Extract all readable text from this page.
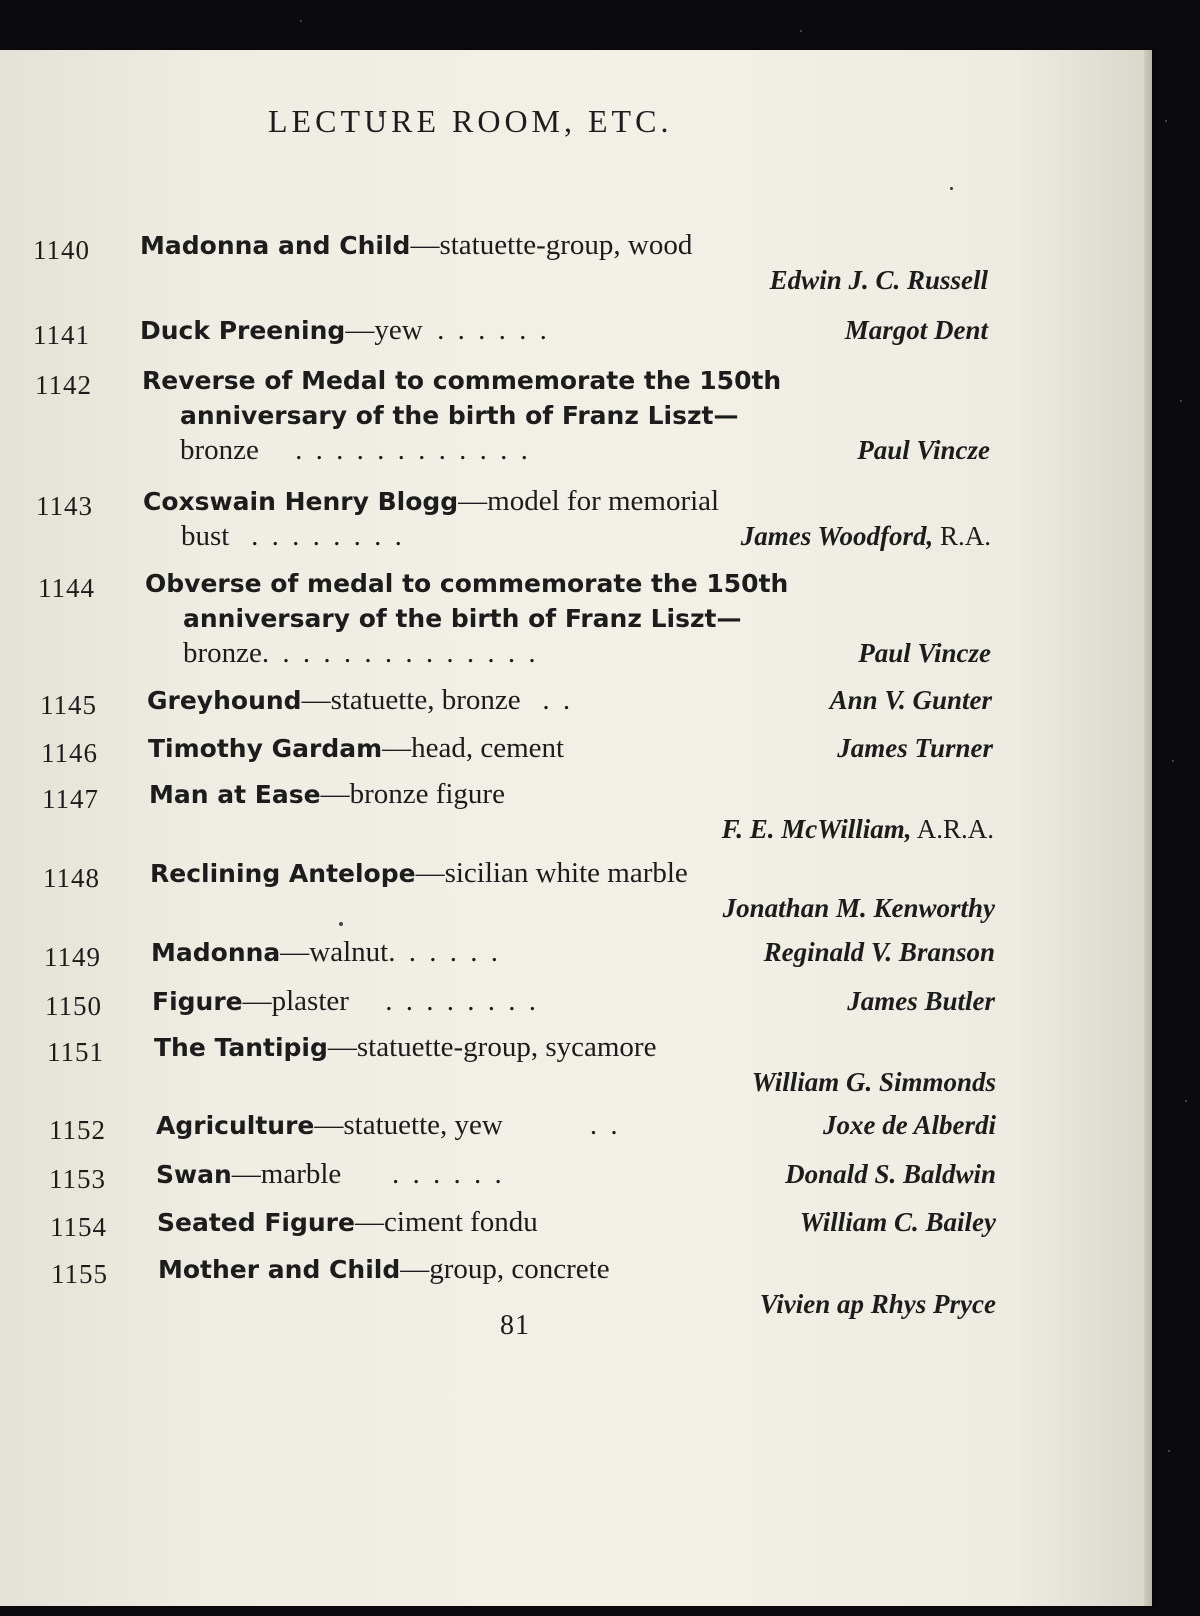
LECTURE ROOM, ETC.
1140	Madonna and Child—statuette-group, wood
Edwin J. C. Russell
1141	Duck Preening—yew . . . . . .	Margot Dent
1142	Reverse of Medal to commemorate the 150th
anniversary of the birth of Franz Liszt—
bronze . . . . . . . . . . . .	Paul Vincze
1143	Coxswain Henry Blogg—model for memorial
bust . . . . . . . .	James Woodford, R.A.
1144	Obverse of medal to commemorate the 150th
anniversary of the birth of Franz Liszt—
bronze. . . . . . . . . . . . . .	Paul Vincze
1145	Greyhound—statuette, bronze . .	Ann V. Gunter
1146	Timothy Gardam—head, cement	James Turner
1147	Man at Ease—bronze figure
F. E. McWilliam, A.R.A.
1148	Reclining Antelope—sicilian white marble
Jonathan M. Kenworthy
1149	Madonna—walnut. . . . . .	Reginald V. Branson
1150	Figure—plaster . . . . . . . .	James Butler
1151	The Tantipig—statuette-group, sycamore
William G. Simmonds
1152	Agriculture—statuette, yew	. .	Joxe de Alberdi
1153	Swan—marble . . . . . .	Donald S. Baldwin
1154	Seated Figure—ciment fondu	William C. Bailey
1155	Mother and Child—group, concrete
Vivien ap Rhys Pryce
81
